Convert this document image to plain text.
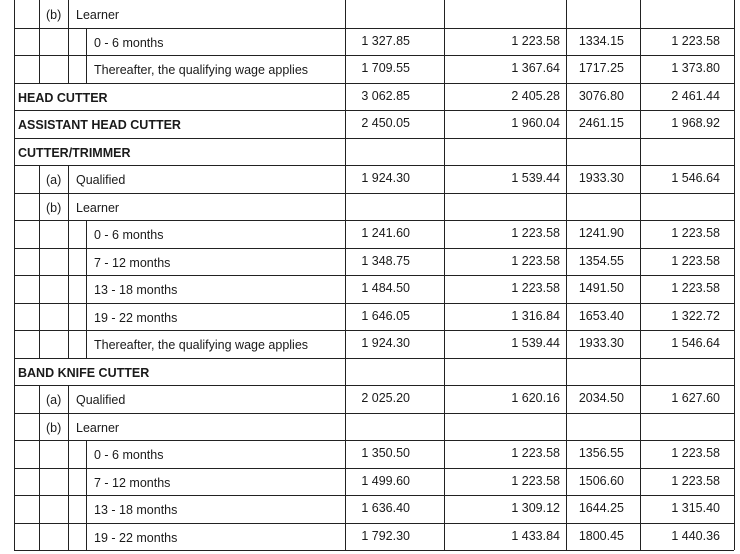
(b) Learner
0 - 6 months	1 327.85	1 223.58	1334.15	1 223.58
Thereafter, the qualifying wage applies	1 709.55	1 367.64	1717.25	1 373.80
HEAD CUTTER	3 062.85	2 405.28	3076.80	2 461.44
ASSISTANT HEAD CUTTER	2 450.05	1 960.04	2461.15	1 968.92
CUTTER/TRIMMER
(a) Qualified	1 924.30	1 539.44	1933.30	1 546.64
(b) Learner
0 - 6 months	1 241.60	1 223.58	1241.90	1 223.58
7 - 12 months	1 348.75	1 223.58	1354.55	1 223.58
13 - 18 months	1 484.50	1 223.58	1491.50	1 223.58
19 - 22 months	1 646.05	1 316.84	1653.40	1 322.72
Thereafter, the qualifying wage applies	1 924.30	1 539.44	1933.30	1 546.64
BAND KNIFE CUTTER
(a) Qualified	2 025.20	1 620.16	2034.50	1 627.60
(b) Learner
0 - 6 months	1 350.50	1 223.58	1356.55	1 223.58
7 - 12 months	1 499.60	1 223.58	1506.60	1 223.58
13 - 18 months	1 636.40	1 309.12	1644.25	1 315.40
19 - 22 months	1 792.30	1 433.84	1800.45	1 440.36
